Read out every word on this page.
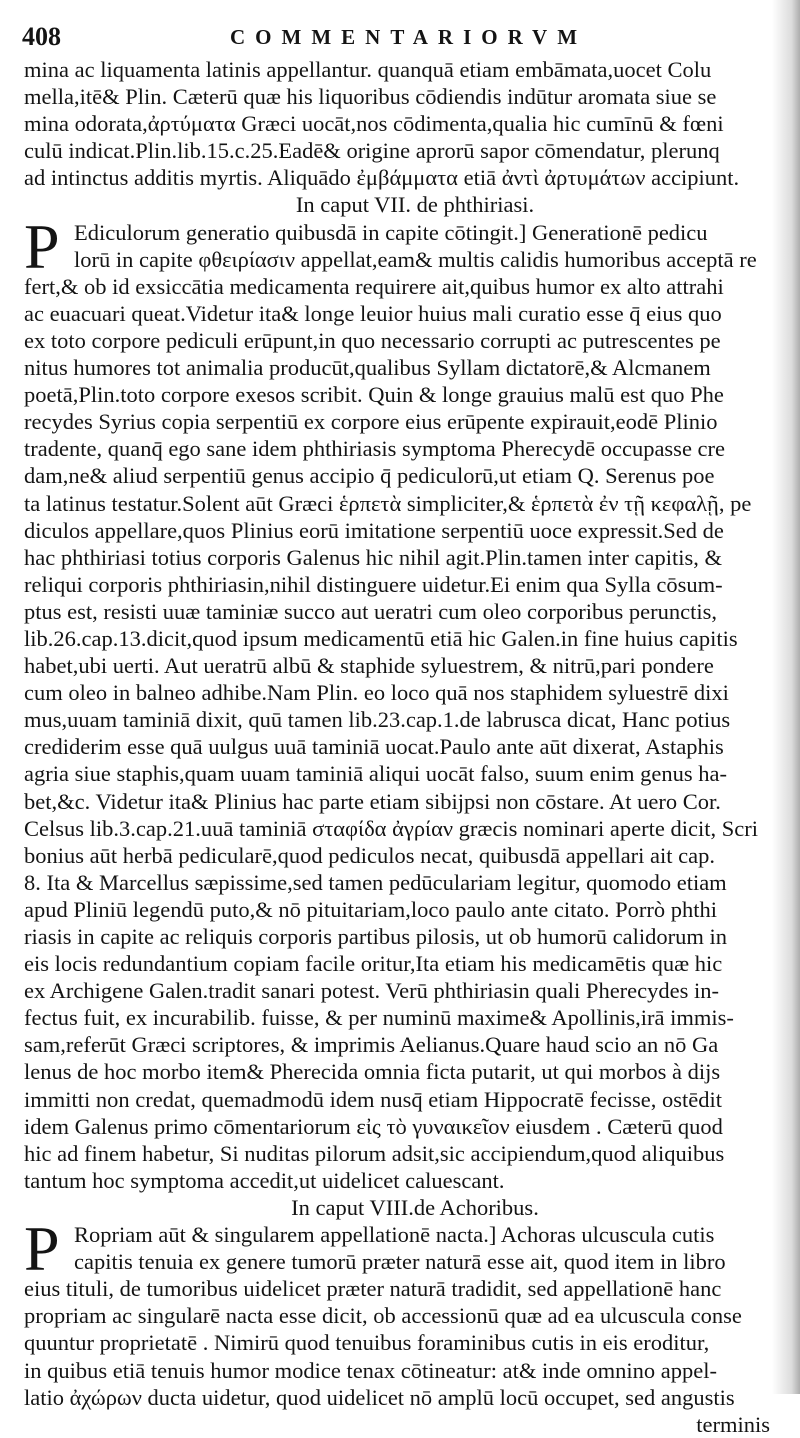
408	COMMENTARIORVM
mina ac liquamenta latinis appellantur. quanquā etiam embāmata,uocet Colu
mella,itē& Plin. Cæterū quæ his liquoribus cōdiendis indūtur aromata siue se
mina odorata,ἀρτύματα Græci uocāt,nos cōdimenta,qualia hic cumīnū & fœni
culū indicat.Plin.lib.15.c.25.Eadē& origine aprorū sapor cōmendatur, plerunq
ad intinctus additis myrtis. Aliquādo ἐμβάμματα etiā ἀντὶ ἀρτυμάτων accipiunt.
In caput VII. de phthiriasi.
P Ediculorum generatio quibusdā in capite cōtingit.] Generationē pedicu
lorū in capite φθειρίασιν appellat,eam& multis calidis humoribus acceptā re
fert,& ob id exsiccātia medicamenta requirere ait,quibus humor ex alto attrahi
ac euacuari queat.Videtur ita& longe leuior huius mali curatio esse q̄ eius quo
ex toto corpore pediculi erūpunt,in quo necessario corrupti ac putrescentes pe
nitus humores tot animalia producūt,qualibus Syllam dictatorē,& Alcmanem
poetā,Plin.toto corpore exesos scribit. Quin & longe grauius malū est quo Phe
recydes Syrius copia serpentiū ex corpore eius erūpente expirauit,eodē Plinio
tradente, quanq̄ ego sane idem phthiriasis symptoma Pherecydē occupasse cre
dam,ne& aliud serpentiū genus accipio q̄ pediculorū,ut etiam Q. Serenus poe
ta latinus testatur.Solent aūt Græci ἑρπετὰ simpliciter,& ἑρπετὰ ἐν τῇ κεφαλῇ, pe
diculos appellare,quos Plinius eorū imitatione serpentiū uoce expressit.Sed de
hac phthiriasi totius corporis Galenus hic nihil agit.Plin.tamen inter capitis, &
reliqui corporis phthiriasin,nihil distinguere uidetur.Ei enim qua Sylla cōsum-
ptus est, resisti uuæ taminiæ succo aut ueratri cum oleo corporibus perunctis,
lib.26.cap.13.dicit,quod ipsum medicamentū etiā hic Galen.in fine huius capitis
habet,ubi uerti. Aut ueratrū albū & staphide syluestrem, & nitrū,pari pondere
cum oleo in balneo adhibe.Nam Plin. eo loco quā nos staphidem syluestrē dixi
mus,uuam taminiā dixit, quū tamen lib.23.cap.1.de labrusca dicat, Hanc potius
crediderim esse quā uulgus uuā taminiā uocat.Paulo ante aūt dixerat, Astaphis
agria siue staphis,quam uuam taminiā aliqui uocāt falso, suum enim genus ha-
bet,&c. Videtur ita& Plinius hac parte etiam sibijpsi non cōstare. At uero Cor.
Celsus lib.3.cap.21.uuā taminiā σταφίδα ἀγρίαν græcis nominari aperte dicit, Scri
bonius aūt herbā pedicularē,quod pediculos necat, quibusdā appellari ait cap.
8. Ita & Marcellus sæpissime,sed tamen pedūculariam legitur, quomodo etiam
apud Pliniū legendū puto,& nō pituitariam,loco paulo ante citato. Porrò phthi
riasis in capite ac reliquis corporis partibus pilosis, ut ob humorū calidorum in
eis locis redundantium copiam facile oritur,Ita etiam his medicamētis quæ hic
ex Archigene Galen.tradit sanari potest. Verū phthiriasin quali Pherecydes in-
fectus fuit, ex incurabilib. fuisse, & per numinū maxime& Apollinis,irā immis-
sam,referūt Græci scriptores, & imprimis Aelianus.Quare haud scio an nō Ga
lenus de hoc morbo item& Pherecida omnia ficta putarit, ut qui morbos à dijs
immitti non credat, quemadmodū idem nusq̄ etiam Hippocratē fecisse, ostēdit
idem Galenus primo cōmentariorum εἰς τὸ γυναικεῖον eiusdem . Cæterū quod
hic ad finem habetur, Si nuditas pilorum adsit,sic accipiendum,quod aliquibus
tantum hoc symptoma accedit,ut uidelicet caluescant.
In caput VIII.de Achoribus.
P Ropriam aūt & singularem appellationē nacta.] Achoras ulcuscula cutis
capitis tenuia ex genere tumorū præter naturā esse ait, quod item in libro
eius tituli, de tumoribus uidelicet præter naturā tradidit, sed appellationē hanc
propriam ac singularē nacta esse dicit, ob accessionū quæ ad ea ulcuscula conse
quuntur proprietatē . Nimirū quod tenuibus foraminibus cutis in eis eroditur,
in quibus etiā tenuis humor modice tenax cōtineatur: at& inde omnino appel-
latio ἀχώρων ducta uidetur, quod uidelicet nō amplū locū occupet, sed angustis
terminis
